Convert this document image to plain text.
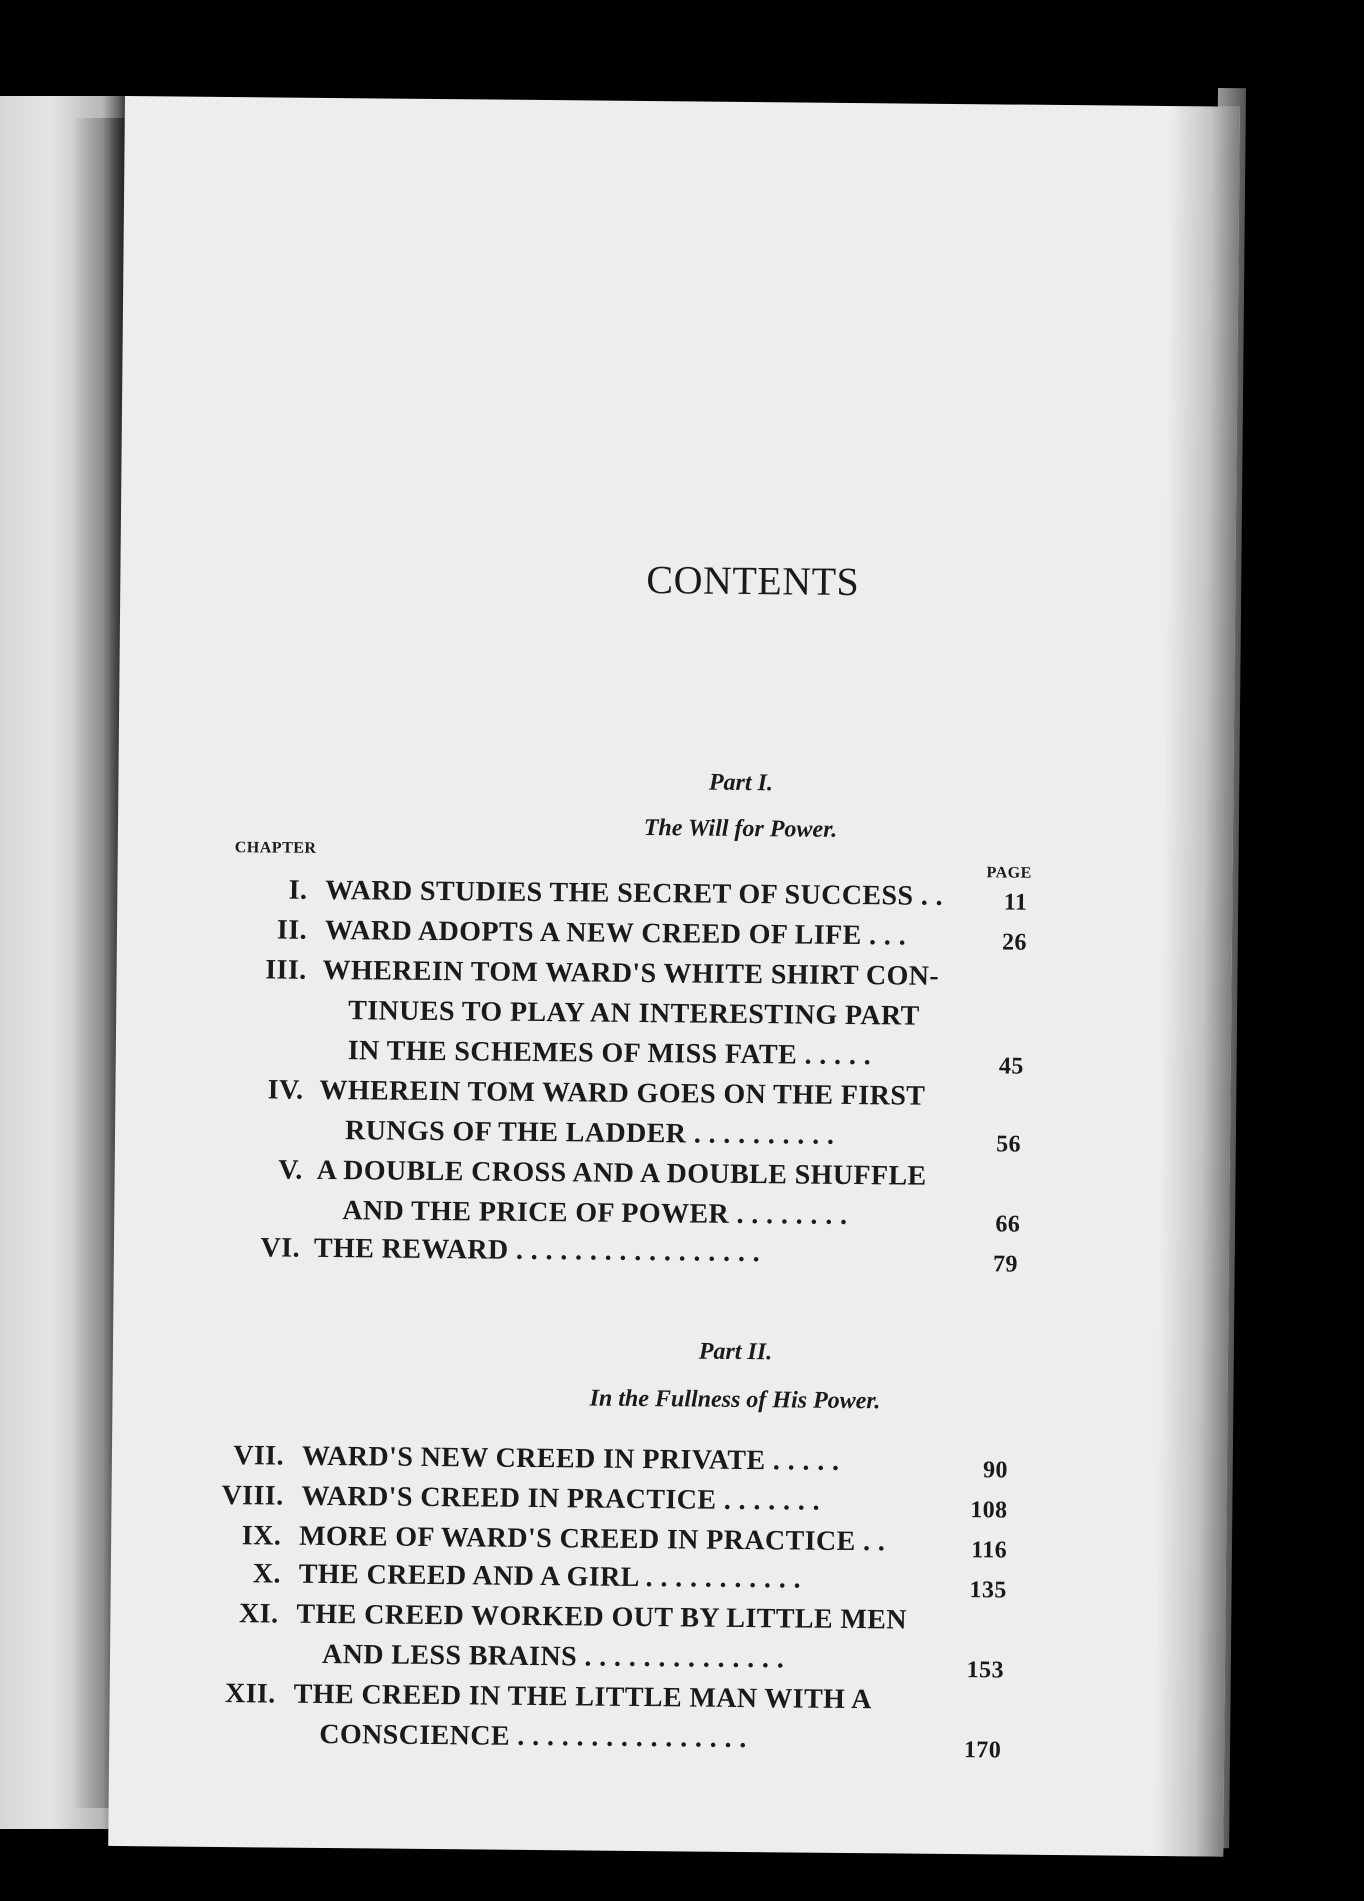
CONTENTS
Part I.
The Will for Power.
CHAPTER
PAGE
I. WARD STUDIES THE SECRET OF SUCCESS . .	11
II. WARD ADOPTS A NEW CREED OF LIFE . . .	26
III. WHEREIN TOM WARD'S WHITE SHIRT CON-
TINUES TO PLAY AN INTERESTING PART
IN THE SCHEMES OF MISS FATE . . . . .	45
IV. WHEREIN TOM WARD GOES ON THE FIRST
RUNGS OF THE LADDER . . . . . . . . . .	56
V. A DOUBLE CROSS AND A DOUBLE SHUFFLE
AND THE PRICE OF POWER . . . . . . . .	66
VI. THE REWARD . . . . . . . . . . . . . . . . .	79
Part II.
In the Fullness of His Power.
VII. WARD'S NEW CREED IN PRIVATE . . . . .	90
VIII. WARD'S CREED IN PRACTICE . . . . . . .	108
IX. MORE OF WARD'S CREED IN PRACTICE . .	116
X. THE CREED AND A GIRL . . . . . . . . . . .	135
XI. THE CREED WORKED OUT BY LITTLE MEN
AND LESS BRAINS . . . . . . . . . . . . . .	153
XII. THE CREED IN THE LITTLE MAN WITH A
CONSCIENCE . . . . . . . . . . . . . . . .	170
